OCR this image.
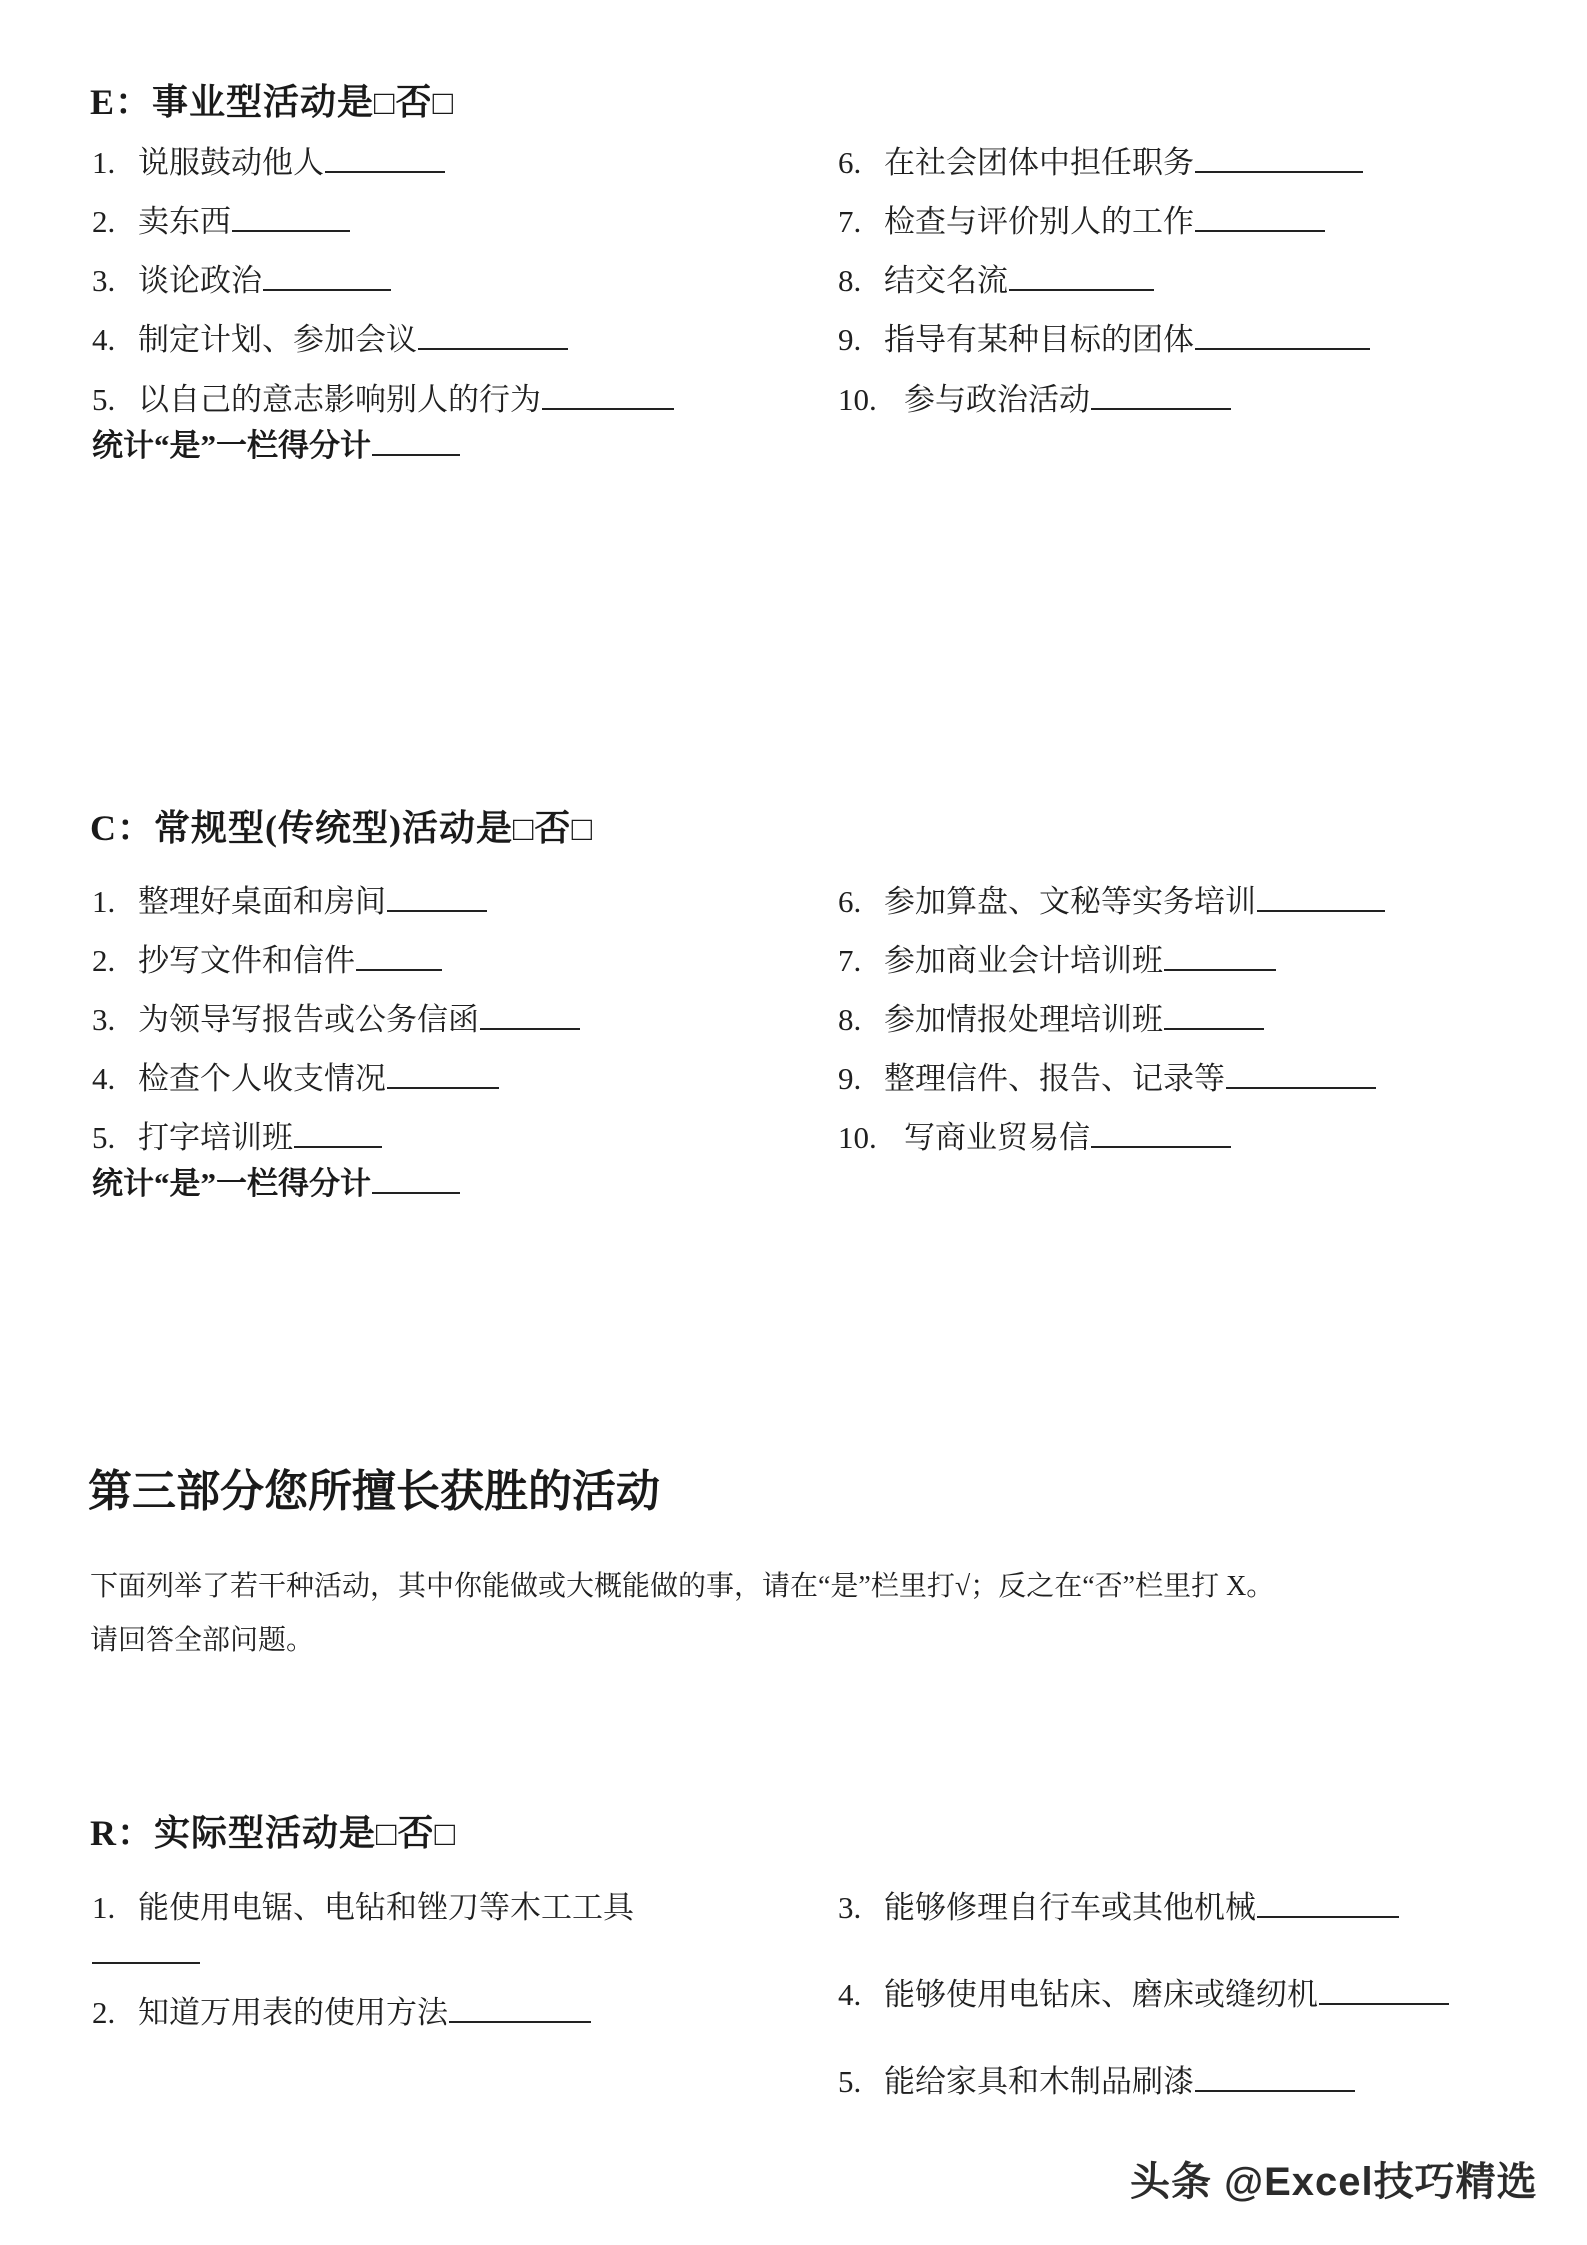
E：事业型活动是□否□
1. 说服鼓动他人
2. 卖东西
3. 谈论政治
4. 制定计划、参加会议
5. 以自己的意志影响别人的行为
统计“是”一栏得分计
6. 在社会团体中担任职务
7. 检查与评价别人的工作
8. 结交名流
9. 指导有某种目标的团体
10. 参与政治活动
C：常规型(传统型)活动是□否□
1. 整理好桌面和房间
2. 抄写文件和信件
3. 为领导写报告或公务信函
4. 检查个人收支情况
5. 打字培训班
统计“是”一栏得分计
6. 参加算盘、文秘等实务培训
7. 参加商业会计培训班
8. 参加情报处理培训班
9. 整理信件、报告、记录等
10. 写商业贸易信
第三部分您所擅长获胜的活动
下面列举了若干种活动，其中你能做或大概能做的事，请在“是”栏里打√；反之在“否”栏里打 X。
请回答全部问题。
R：实际型活动是□否□
1. 能使用电锯、电钻和锉刀等木工工具
2. 知道万用表的使用方法
3. 能够修理自行车或其他机械
4. 能够使用电钻床、磨床或缝纫机
5. 能给家具和木制品刷漆
头条 @Excel技巧精选
